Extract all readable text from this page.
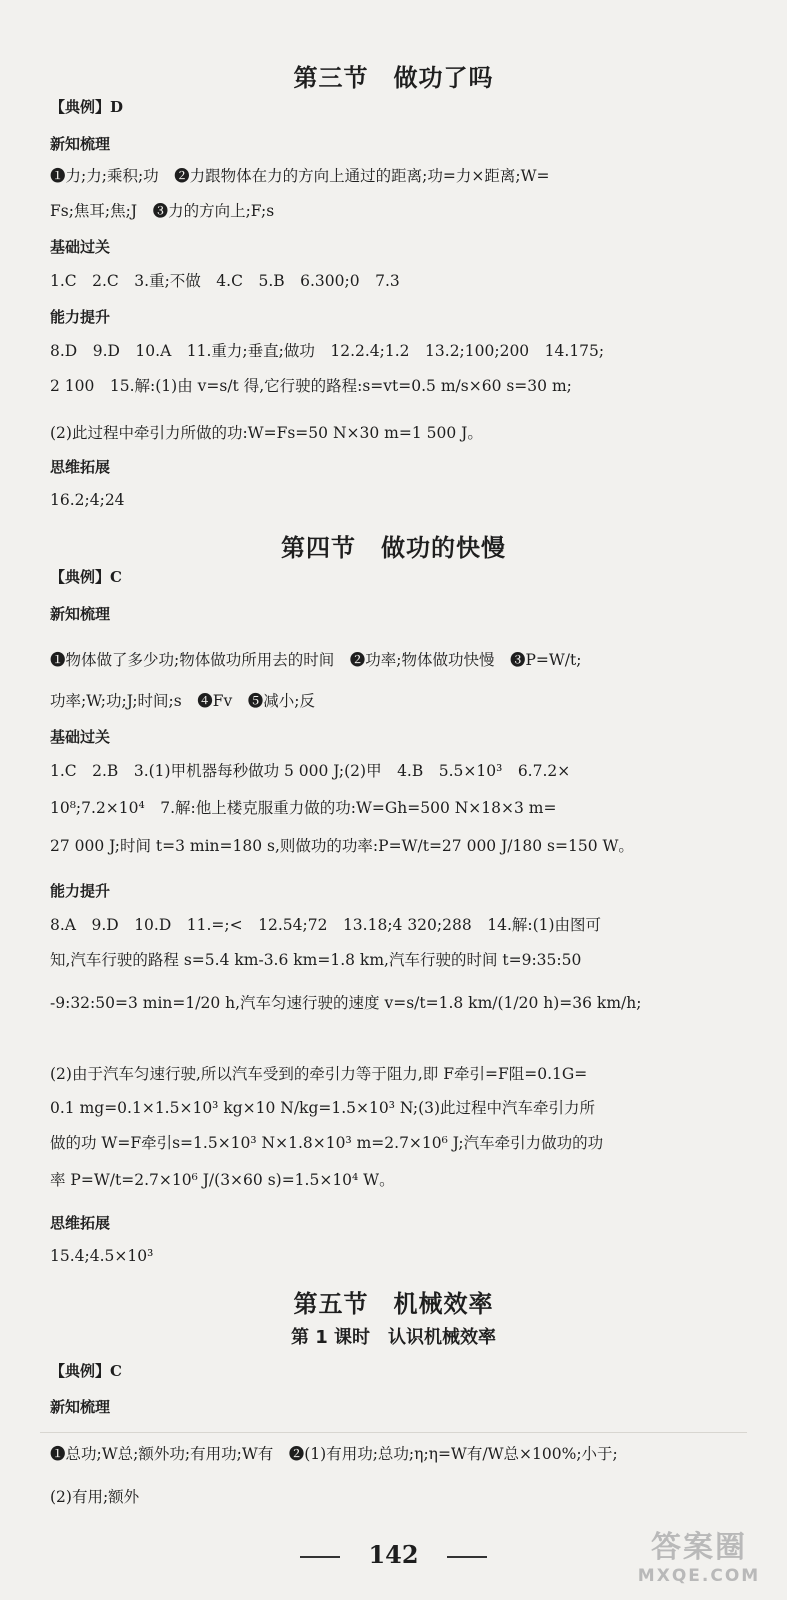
第三节　做功了吗
【典例】D
新知梳理
❶力;力;乘积;功　❷力跟物体在力的方向上通过的距离;功=力×距离;W=
Fs;焦耳;焦;J　❸力的方向上;F;s
基础过关
1.C　2.C　3.重;不做　4.C　5.B　6.300;0　7.3
能力提升
8.D　9.D　10.A　11.重力;垂直;做功　12.2.4;1.2　13.2;100;200　14.175;
2 100　15.解:(1)由 v=s/t 得,它行驶的路程:s=vt=0.5 m/s×60 s=30 m;
(2)此过程中牵引力所做的功:W=Fs=50 N×30 m=1 500 J。
思维拓展
16.2;4;24
第四节　做功的快慢
【典例】C
新知梳理
❶物体做了多少功;物体做功所用去的时间　❷功率;物体做功快慢　❸P=W/t;
功率;W;功;J;时间;s　❹Fv　❺减小;反
基础过关
1.C　2.B　3.(1)甲机器每秒做功 5 000 J;(2)甲　4.B　5.5×10³　6.7.2×
10⁸;7.2×10⁴　7.解:他上楼克服重力做的功:W=Gh=500 N×18×3 m=
27 000 J;时间 t=3 min=180 s,则做功的功率:P=W/t=27 000 J/180 s=150 W。
能力提升
8.A　9.D　10.D　11.=;<　12.54;72　13.18;4 320;288　14.解:(1)由图可
知,汽车行驶的路程 s=5.4 km-3.6 km=1.8 km,汽车行驶的时间 t=9:35:50
-9:32:50=3 min=1/20 h,汽车匀速行驶的速度 v=s/t=1.8 km/(1/20 h)=36 km/h;
(2)由于汽车匀速行驶,所以汽车受到的牵引力等于阻力,即 F牵引=F阻=0.1G=
0.1 mg=0.1×1.5×10³ kg×10 N/kg=1.5×10³ N;(3)此过程中汽车牵引力所
做的功 W=F牵引s=1.5×10³ N×1.8×10³ m=2.7×10⁶ J;汽车牵引力做功的功
率 P=W/t=2.7×10⁶ J/(3×60 s)=1.5×10⁴ W。
思维拓展
15.4;4.5×10³
第五节　机械效率
第 1 课时　认识机械效率
【典例】C
新知梳理
❶总功;W总;额外功;有用功;W有　❷(1)有用功;总功;η;η=W有/W总×100%;小于;
(2)有用;额外
142	答案圈
MXQE.COM
